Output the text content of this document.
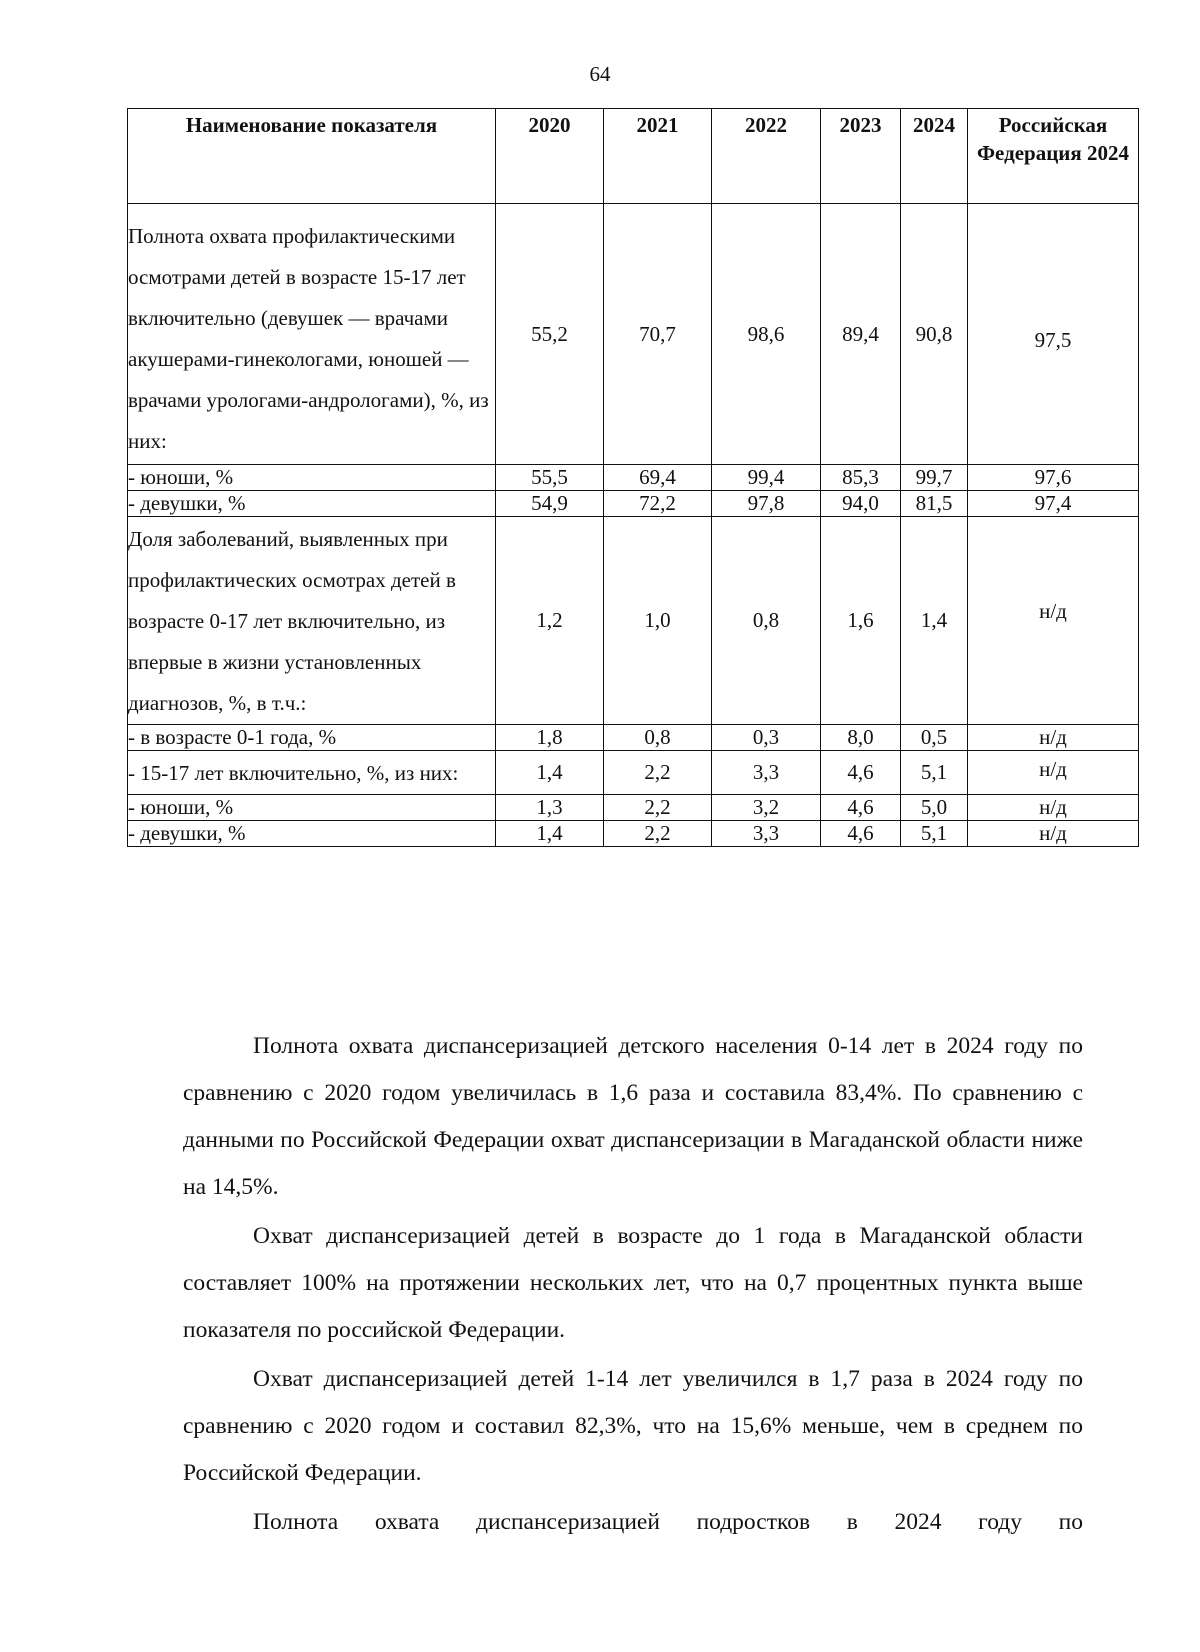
64
Наименование показателя	2020	2021	2022	2023	2024	Российская Федерация 2024
Полнота охвата профилактическими осмотрами детей в возрасте 15-17 лет включительно (девушек — врачами акушерами-гинекологами, юношей — врачами урологами-андрологами), %, из них:	55,2	70,7	98,6	89,4	90,8	97,5
- юноши, %	55,5	69,4	99,4	85,3	99,7	97,6
- девушки, %	54,9	72,2	97,8	94,0	81,5	97,4
Доля заболеваний, выявленных при профилактических осмотрах детей в возрасте 0-17 лет включительно, из впервые в жизни установленных диагнозов, %, в т.ч.:	1,2	1,0	0,8	1,6	1,4	н/д
- в возрасте 0-1 года, %	1,8	0,8	0,3	8,0	0,5	н/д
- 15-17 лет включительно, %, из них:	1,4	2,2	3,3	4,6	5,1	н/д
- юноши, %	1,3	2,2	3,2	4,6	5,0	н/д
- девушки, %	1,4	2,2	3,3	4,6	5,1	н/д

Полнота охвата диспансеризацией детского населения 0-14 лет в 2024 году по сравнению с 2020 годом увеличилась в 1,6 раза и составила 83,4%. По сравнению с данными по Российской Федерации охват диспансеризации в Магаданской области ниже на 14,5%.

Охват диспансеризацией детей в возрасте до 1 года в Магаданской области составляет 100% на протяжении нескольких лет, что на 0,7 процентных пункта выше показателя по российской Федерации.

Охват диспансеризацией детей 1-14 лет увеличился в 1,7 раза в 2024 году по сравнению с 2020 годом и составил 82,3%, что на 15,6% меньше, чем в среднем по Российской Федерации.

Полнота охвата диспансеризацией подростков в 2024 году по
